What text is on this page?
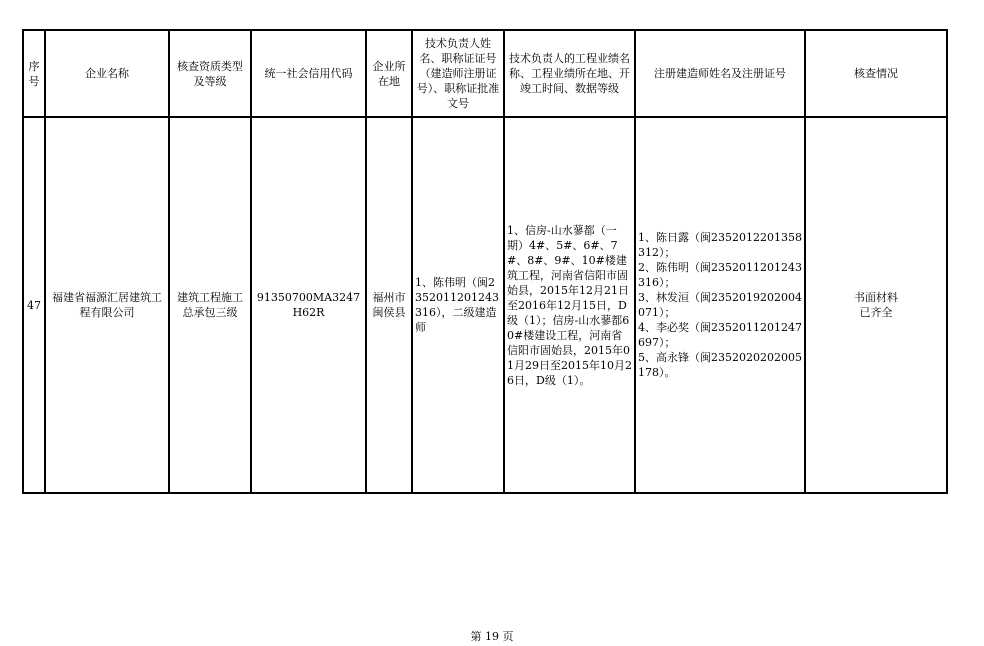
序号	企业名称	核查资质类型及等级	统一社会信用代码	企业所在地	技术负责人姓名、职称证证号（建造师注册证号）、职称证批准文号	技术负责人的工程业绩名称、工程业绩所在地、开竣工时间、数据等级	注册建造师姓名及注册证号	核查情况
47	福建省福源汇居建筑工程有限公司	建筑工程施工总承包三级	91350700MA3247H62R	福州市闽侯县	1、陈伟明（闽2352011201243316），二级建造师	1、信房-山水蓼都（一期）4#、5#、6#、7#、8#、9#、10#楼建筑工程，河南省信阳市固始县，2015年12月21日至2016年12月15日，D级（1）；信房-山水蓼都60#楼建设工程，河南省信阳市固始县，2015年01月29日至2015年10月26日，D级（1）。	1、陈日露（闽2352012201358312）；
2、陈伟明（闽2352011201243316）；
3、林发洹（闽2352019202004071）；
4、李必奖（闽2352011201247697）；
5、高永锋（闽2352020202005178）。	书面材料已齐全
第 19 页
